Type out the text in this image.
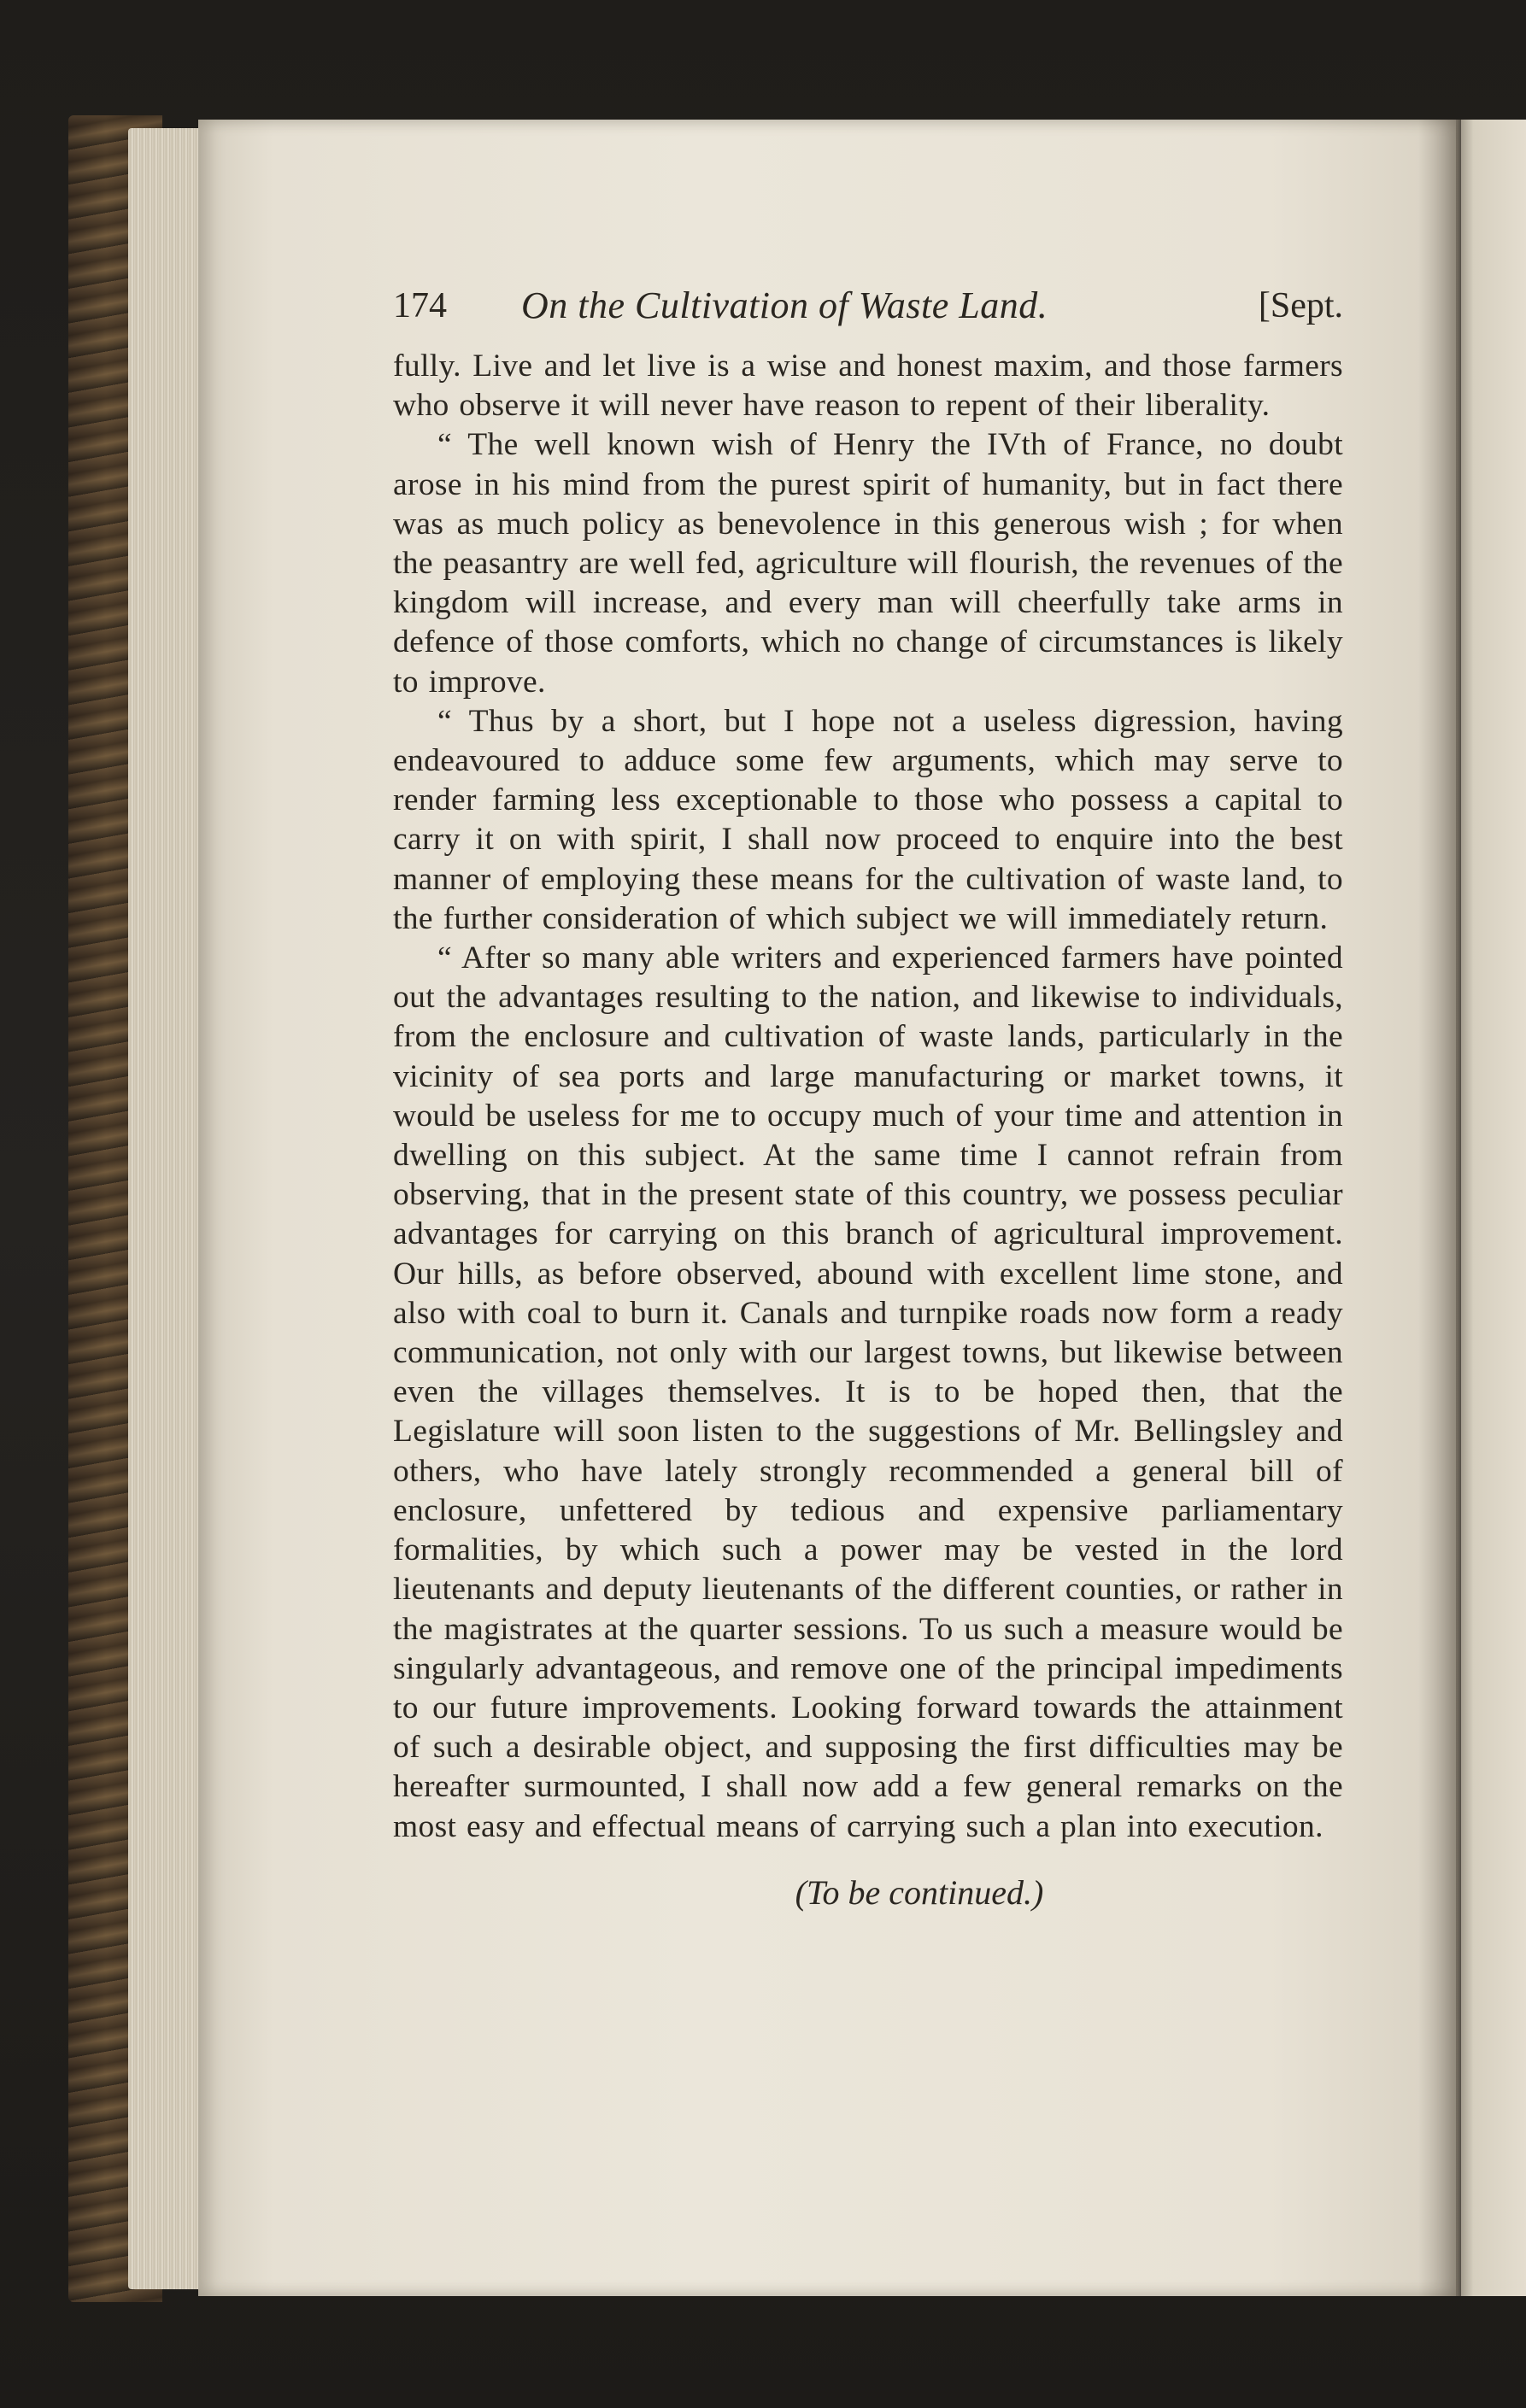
174 On the Cultivation of Waste Land.	[Sept.

fully. Live and let live is a wise and honest maxim, and those farmers who observe it will never have reason to repent of their liberality.

“ The well known wish of Henry the IVth of France, no doubt arose in his mind from the purest spirit of humanity, but in fact there was as much policy as benevolence in this generous wish ; for when the peasantry are well fed, agriculture will flourish, the revenues of the kingdom will increase, and every man will cheerfully take arms in defence of those comforts, which no change of circumstances is likely to improve.

“ Thus by a short, but I hope not a useless digression, having endeavoured to adduce some few arguments, which may serve to render farming less exceptionable to those who possess a capital to carry it on with spirit, I shall now proceed to enquire into the best manner of employing these means for the cultivation of waste land, to the further consideration of which subject we will immediately return.

“ After so many able writers and experienced farmers have pointed out the advantages resulting to the nation, and likewise to individuals, from the enclosure and cultivation of waste lands, particularly in the vicinity of sea ports and large manufacturing or market towns, it would be useless for me to occupy much of your time and attention in dwelling on this subject. At the same time I cannot refrain from observing, that in the present state of this country, we possess peculiar advantages for carrying on this branch of agricultural improvement. Our hills, as before observed, abound with excellent lime stone, and also with coal to burn it. Canals and turnpike roads now form a ready communication, not only with our largest towns, but likewise between even the villages themselves. It is to be hoped then, that the Legislature will soon listen to the suggestions of Mr. Bellingsley and others, who have lately strongly recommended a general bill of enclosure, unfettered by tedious and expensive parliamentary formalities, by which such a power may be vested in the lord lieutenants and deputy lieutenants of the different counties, or rather in the magistrates at the quarter sessions. To us such a measure would be singularly advantageous, and remove one of the principal impediments to our future improvements. Looking forward towards the attainment of such a desirable object, and supposing the first difficulties may be hereafter surmounted, I shall now add a few general remarks on the most easy and effectual means of carrying such a plan into execution.

(To be continued.)
